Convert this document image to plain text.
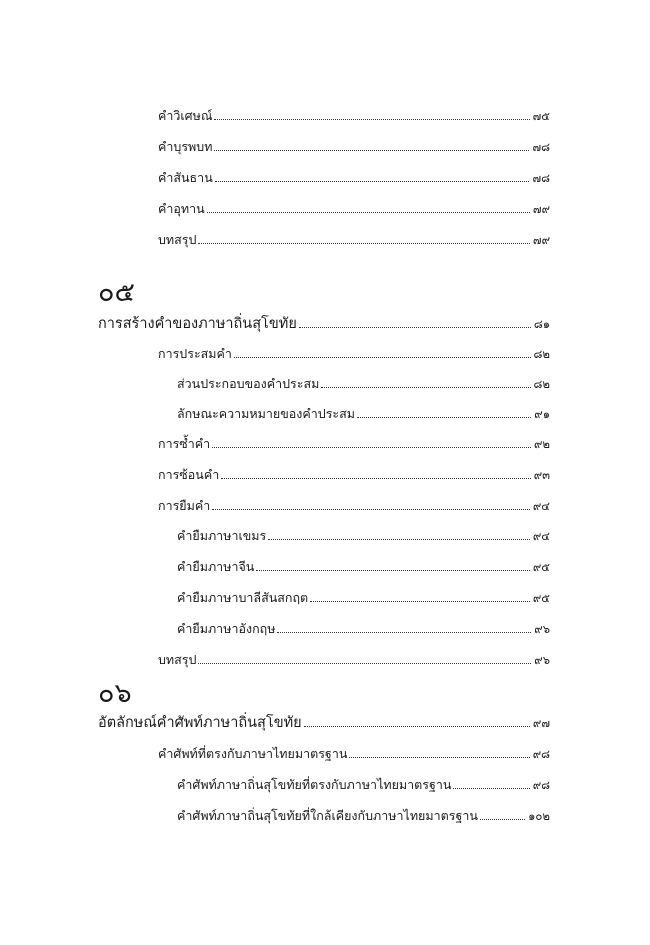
คำวิเศษณ์	๗๕
คำบุรพบท	๗๘
คำสันธาน	๗๘
คำอุทาน	๗๙
บทสรุป	๗๙
๐๕
การสร้างคำของภาษาถิ่นสุโขทัย	๘๑
การประสมคำ	๘๒
ส่วนประกอบของคำประสม	๘๒
ลักษณะความหมายของคำประสม	๙๑
การซ้ำคำ	๙๒
การซ้อนคำ	๙๓
การยืมคำ	๙๔
คำยืมภาษาเขมร	๙๔
คำยืมภาษาจีน	๙๕
คำยืมภาษาบาลีสันสกฤต	๙๕
คำยืมภาษาอังกฤษ	๙๖
บทสรุป	๙๖
๐๖
อัตลักษณ์คำศัพท์ภาษาถิ่นสุโขทัย	๙๗
คำศัพท์ที่ตรงกับภาษาไทยมาตรฐาน	๙๘
คำศัพท์ภาษาถิ่นสุโขทัยที่ตรงกับภาษาไทยมาตรฐาน	๙๘
คำศัพท์ภาษาถิ่นสุโขทัยที่ใกล้เคียงกับภาษาไทยมาตรฐาน	๑๐๒
